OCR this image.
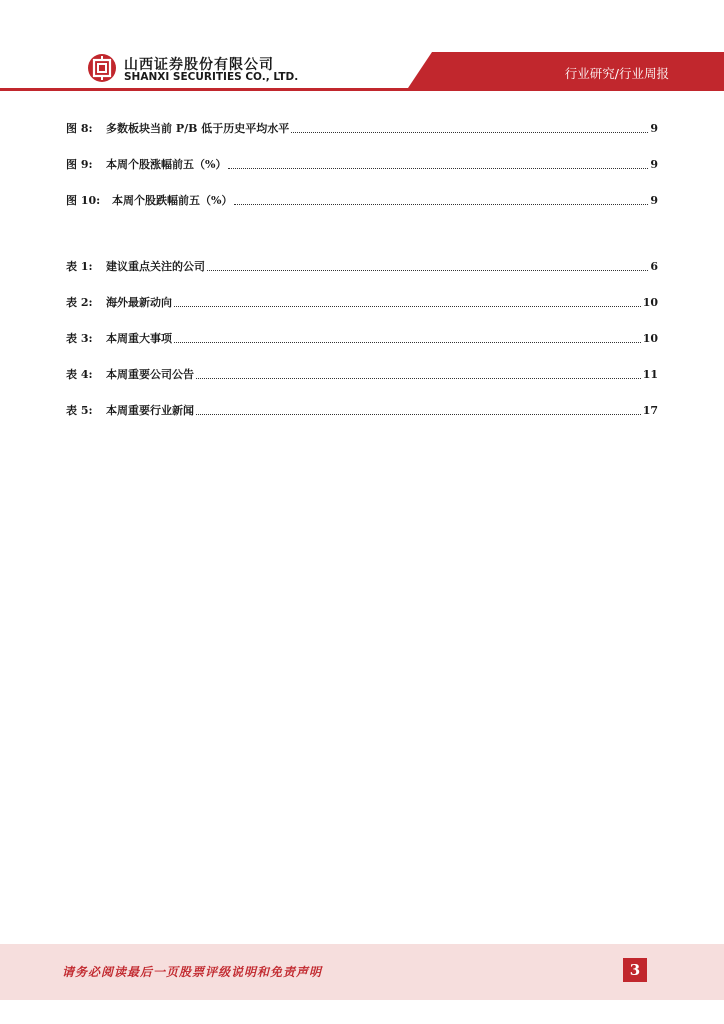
山西证券股份有限公司
SHANXI SECURITIES CO., LTD.	行业研究/行业周报
图 8:	多数板块当前 P/B 低于历史平均水平	9
图 9:	本周个股涨幅前五（%）	9
图 10:	本周个股跌幅前五（%）	9
表 1:	建议重点关注的公司	6
表 2:	海外最新动向	10
表 3:	本周重大事项	10
表 4:	本周重要公司公告	11
表 5:	本周重要行业新闻	17
请务必阅读最后一页股票评级说明和免责声明	3
